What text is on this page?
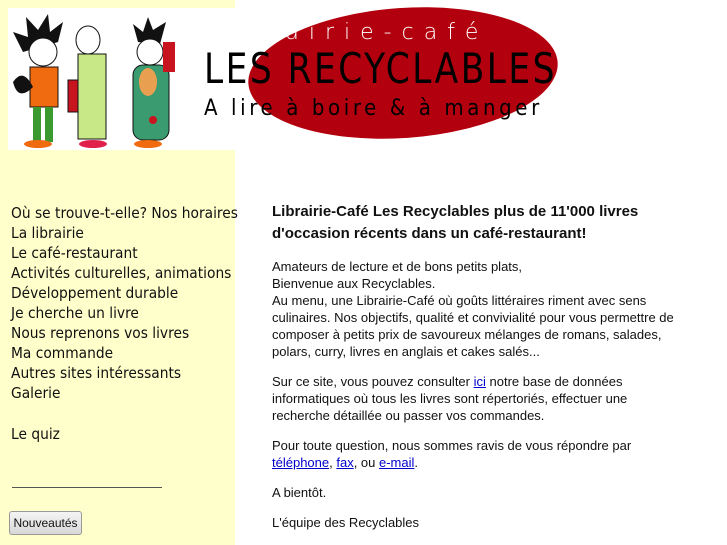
Librairie-café
LES RECYCLABLES
A lire à boire & à manger
Où se trouve-t-elle? Nos horaires
La librairie
Le café-restaurant
Activités culturelles, animations
Développement durable
Je cherche un livre
Nous reprenons vos livres
Ma commande
Autres sites intéressants
Galerie
Le quiz
Nouveautés
Librairie-Café Les Recyclables plus de 11'000 livres d'occasion récents dans un café-restaurant!

Amateurs de lecture et de bons petits plats,
Bienvenue aux Recyclables.
Au menu, une Librairie-Café où goûts littéraires riment avec sens culinaires. Nos objectifs, qualité et convivialité pour vous permettre de composer à petits prix de savoureux mélanges de romans, salades, polars, curry, livres en anglais et cakes salés...

Sur ce site, vous pouvez consulter ici notre base de données informatiques où tous les livres sont répertoriés, effectuer une recherche détaillée ou passer vos commandes.

Pour toute question, nous sommes ravis de vous répondre par téléphone, fax, ou e-mail.

A bientôt.

L'équipe des Recyclables
